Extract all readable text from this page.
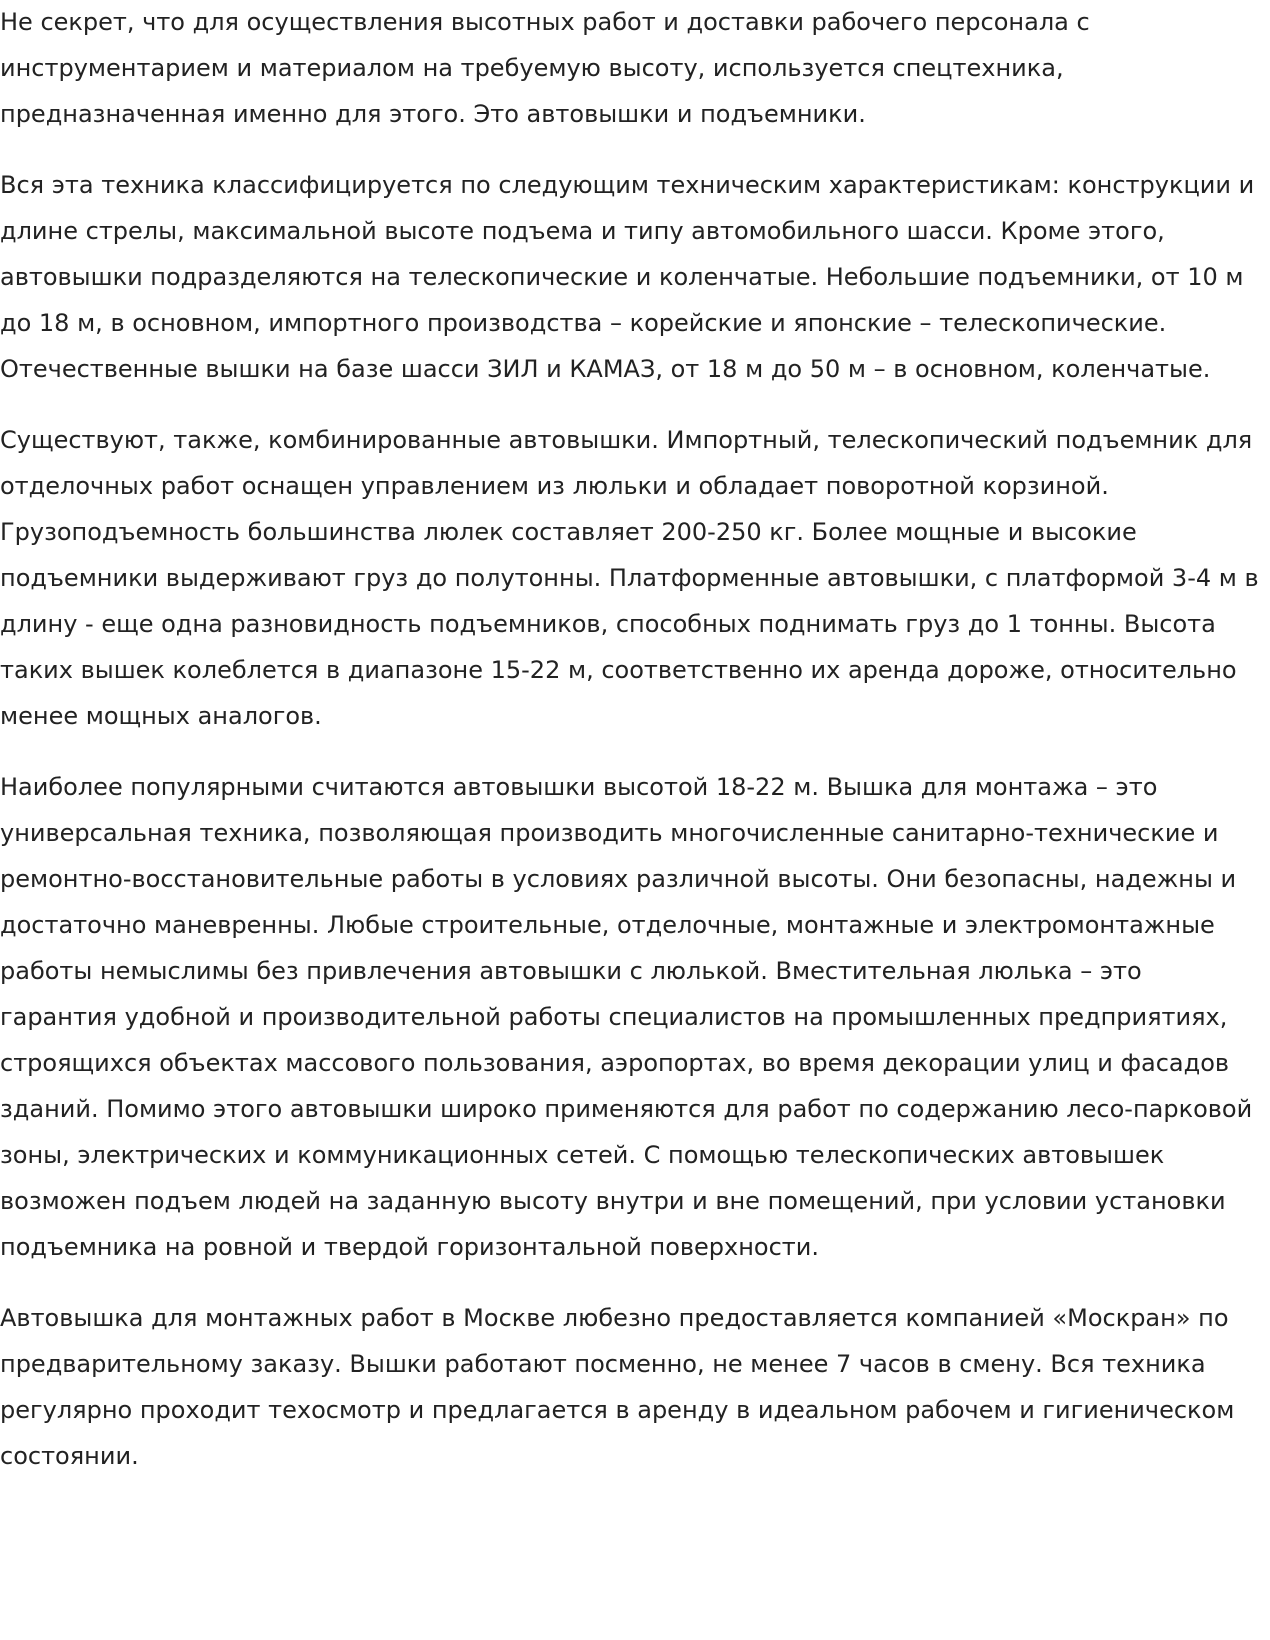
Не секрет, что для осуществления высотных работ и доставки рабочего персонала с инструментарием и материалом на требуемую высоту, используется спецтехника, предназначенная именно для этого. Это автовышки и подъемники.

Вся эта техника классифицируется по следующим техническим характеристикам: конструкции и длине стрелы, максимальной высоте подъема и типу автомобильного шасси. Кроме этого, автовышки подразделяются на телескопические и коленчатые. Небольшие подъемники, от 10 м до 18 м, в основном, импортного производства – корейские и японские – телескопические. Отечественные вышки на базе шасси ЗИЛ и КАМАЗ, от 18 м до 50 м – в основном, коленчатые.

Существуют, также, комбинированные автовышки. Импортный, телескопический подъемник для отделочных работ оснащен управлением из люльки и обладает поворотной корзиной. Грузоподъемность большинства люлек составляет 200-250 кг. Более мощные и высокие подъемники выдерживают груз до полутонны. Платформенные автовышки, с платформой 3-4 м в длину - еще одна разновидность подъемников, способных поднимать груз до 1 тонны. Высота таких вышек колеблется в диапазоне 15-22 м, соответственно их аренда дороже, относительно менее мощных аналогов.

Наиболее популярными считаются автовышки высотой 18-22 м. Вышка для монтажа – это универсальная техника, позволяющая производить многочисленные санитарно-технические и ремонтно-восстановительные работы в условиях различной высоты. Они безопасны, надежны и достаточно маневренны. Любые строительные, отделочные, монтажные и электромонтажные работы немыслимы без привлечения автовышки с люлькой. Вместительная люлька – это гарантия удобной и производительной работы специалистов на промышленных предприятиях, строящихся объектах массового пользования, аэропортах, во время декорации улиц и фасадов зданий. Помимо этого автовышки широко применяются для работ по содержанию лесо-парковой зоны, электрических и коммуникационных сетей. С помощью телескопических автовышек возможен подъем людей на заданную высоту внутри и вне помещений, при условии установки подъемника на ровной и твердой горизонтальной поверхности.

Автовышка для монтажных работ в Москве любезно предоставляется компанией «Москран» по предварительному заказу. Вышки работают посменно, не менее 7 часов в смену. Вся техника регулярно проходит техосмотр и предлагается в аренду в идеальном рабочем и гигиеническом состоянии.
